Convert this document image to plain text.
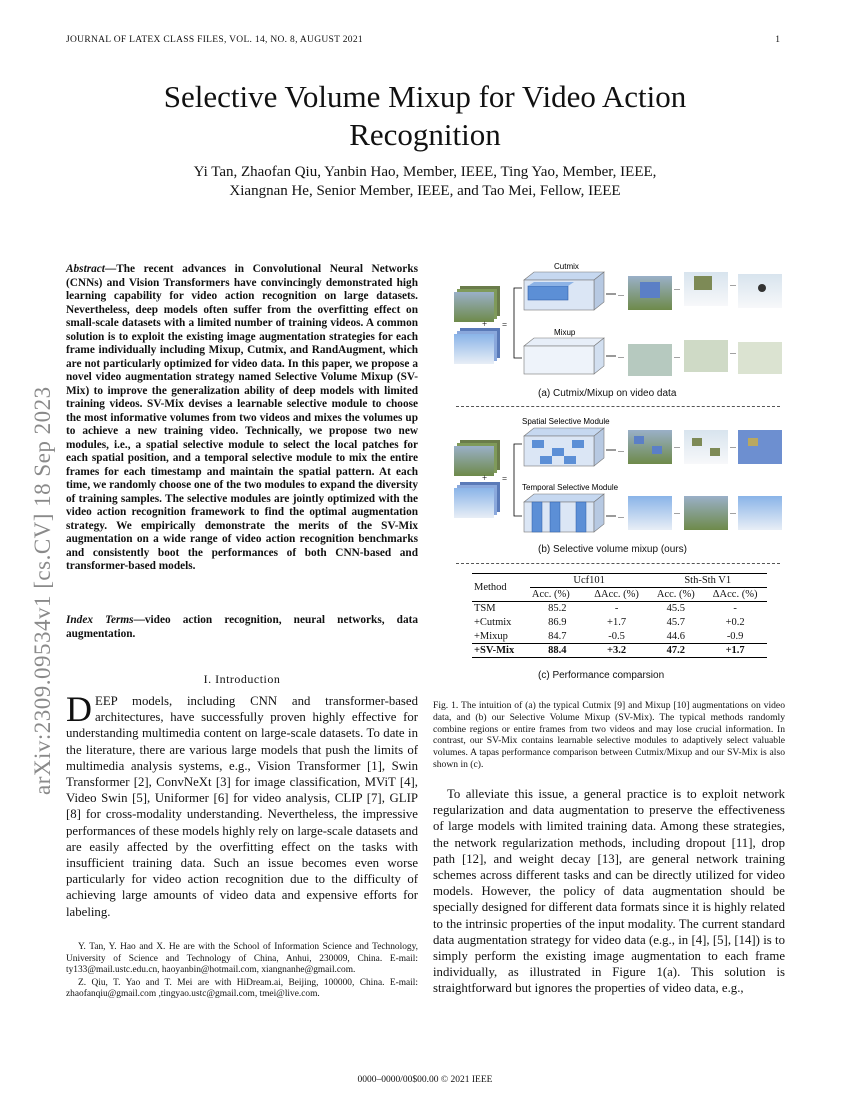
JOURNAL OF LATEX CLASS FILES, VOL. 14, NO. 8, AUGUST 2021	1
arXiv:2309.09534v1 [cs.CV] 18 Sep 2023
Selective Volume Mixup for Video Action Recognition
Yi Tan, Zhaofan Qiu, Yanbin Hao, Member, IEEE, Ting Yao, Member, IEEE,
Xiangnan He, Senior Member, IEEE, and Tao Mei, Fellow, IEEE
Abstract—The recent advances in Convolutional Neural Networks (CNNs) and Vision Transformers have convincingly demonstrated high learning capability for video action recognition on large datasets. Nevertheless, deep models often suffer from the overfitting effect on small-scale datasets with a limited number of training videos. A common solution is to exploit the existing image augmentation strategies for each frame individually including Mixup, Cutmix, and RandAugment, which are not particularly optimized for video data. In this paper, we propose a novel video augmentation strategy named Selective Volume Mixup (SV-Mix) to improve the generalization ability of deep models with limited training videos. SV-Mix devises a learnable selective module to choose the most informative volumes from two videos and mixes the volumes up to achieve a new training video. Technically, we propose two new modules, i.e., a spatial selective module to select the local patches for each spatial position, and a temporal selective module to mix the entire frames for each timestamp and maintain the spatial pattern. At each time, we randomly choose one of the two modules to expand the diversity of training samples. The selective modules are jointly optimized with the video action recognition framework to find the optimal augmentation strategy. We empirically demonstrate the merits of the SV-Mix augmentation on a wide range of video action recognition benchmarks and consistently boot the performances of both CNN-based and transformer-based models.
Index Terms—video action recognition, neural networks, data augmentation.
I. Introduction
DEEP models, including CNN and transformer-based architectures, have successfully proven highly effective for understanding multimedia content on large-scale datasets. To date in the literature, there are various large models that push the limits of multimedia analysis systems, e.g., Vision Transformer [1], Swin Transformer [2], ConvNeXt [3] for image classification, MViT [4], Video Swin [5], Uniformer [6] for video analysis, CLIP [7], GLIP [8] for cross-modality understanding. Nevertheless, the impressive performances of these models highly rely on large-scale datasets and are easily affected by the overfitting effect on the tasks with insufficient training data. Such an issue becomes even worse particularly for video action recognition due to the difficulty of achieving large amounts of video data and expensive efforts for labeling.

Y. Tan, Y. Hao and X. He are with the School of Information Science and Technology, University of Science and Technology of China, Anhui, 230009, China. E-mail: ty133@mail.ustc.edu.cn, haoyanbin@hotmail.com, xiangnanhe@gmail.com.

Z. Qiu, T. Yao and T. Mei are with HiDream.ai, Beijing, 100000, China. E-mail: zhaofanqiu@gmail.com ,tingyao.ustc@gmail.com, tmei@live.com.

+ =
Cutmix
Mixup
...
...
...	...
...	...
+ =
Spatial Selective Module
Temporal Selective Module
...
...
...	...
...	...
(a) Cutmix/Mixup on video data
(b) Selective volume mixup (ours)
Method	Ucf101		Sth-Sth V1	
	Acc. (%)	ΔAcc. (%)	Acc. (%)	ΔAcc. (%)
TSM	85.2	-	45.5	-
+Cutmix	86.9	+1.7	45.7	+0.2
+Mixup	84.7	-0.5	44.6	-0.9
+SV-Mix	88.4	+3.2	47.2	+1.7
(c) Performance comparsion
Fig. 1. The intuition of (a) the typical Cutmix [9] and Mixup [10] augmentations on video data, and (b) our Selective Volume Mixup (SV-Mix). The typical methods randomly combine regions or entire frames from two videos and may lose crucial information. In contrast, our SV-Mix contains learnable selective modules to adaptively select valuable volumes. A tapas performance comparison between Cutmix/Mixup and our SV-Mix is also shown in (c).
To alleviate this issue, a general practice is to exploit network regularization and data augmentation to preserve the effectiveness of large models with limited training data. Among these strategies, the network regularization methods, including dropout [11], drop path [12], and weight decay [13], are general network training schemes across different tasks and can be directly utilized for video models. However, the policy of data augmentation should be specially designed for different data formats since it is highly related to the intrinsic properties of the input modality. The current standard data augmentation strategy for video data (e.g., in [4], [5], [14]) is to simply perform the existing image augmentation to each frame individually, as illustrated in Figure 1(a). This solution is straightforward but ignores the properties of video data, e.g.,
0000–0000/00$00.00 © 2021 IEEE
